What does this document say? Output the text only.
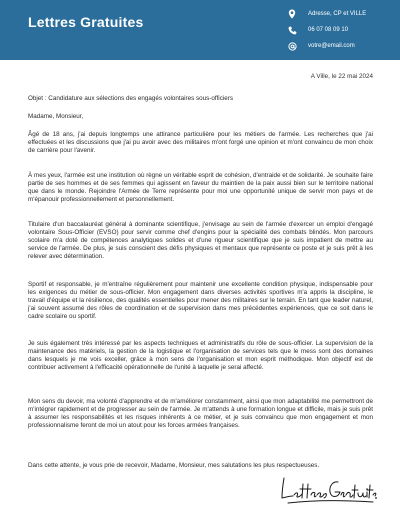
Lettres Gratuites	Adresse, CP et VILLE
06 07 08 09 10
votre@email.com
A Ville, le 22 mai 2024
Objet : Candidature aux sélections des engagés volontaires sous-officiers
Madame, Monsieur,

Âgé de 18 ans, j'ai depuis longtemps une attirance particulière pour les métiers de l'armée. Les recherches que j'ai effectuées et les discussions que j'ai pu avoir avec des militaires m'ont forgé une opinion et m'ont convaincu de mon choix de carrière pour l'avenir.

À mes yeux, l'armée est une institution où règne un véritable esprit de cohésion, d'entraide et de solidarité. Je souhaite faire partie de ses hommes et de ses femmes qui agissent en faveur du maintien de la paix aussi bien sur le territoire national que dans le monde. Rejoindre l'Armée de Terre représente pour moi une opportunité unique de servir mon pays et de m'épanouir professionnellement et personnellement.

Titulaire d'un baccalauréat général à dominante scientifique, j'envisage au sein de l'armée d'exercer un emploi d'engagé volontaire Sous-Officier (EVSO) pour servir comme chef d'engins pour la spécialité des combats blindés. Mon parcours scolaire m'a doté de compétences analytiques solides et d'une rigueur scientifique que je suis impatient de mettre au service de l'armée. De plus, je suis conscient des défis physiques et mentaux que représente ce poste et je suis prêt à les relever avec détermination.

Sportif et responsable, je m'entraîne régulièrement pour maintenir une excellente condition physique, indispensable pour les exigences du métier de sous-officier. Mon engagement dans diverses activités sportives m'a appris la discipline, le travail d'équipe et la résilience, des qualités essentielles pour mener des militaires sur le terrain. En tant que leader naturel, j'ai souvent assumé des rôles de coordination et de supervision dans mes précédentes expériences, que ce soit dans le cadre scolaire ou sportif.

Je suis également très intéressé par les aspects techniques et administratifs du rôle de sous-officier. La supervision de la maintenance des matériels, la gestion de la logistique et l'organisation de services tels que le mess sont des domaines dans lesquels je me vois exceller, grâce à mon sens de l'organisation et mon esprit méthodique. Mon objectif est de contribuer activement à l'efficacité opérationnelle de l'unité à laquelle je serai affecté.

Mon sens du devoir, ma volonté d'apprendre et de m'améliorer constamment, ainsi que mon adaptabilité me permettront de m'intégrer rapidement et de progresser au sein de l'armée. Je m'attends à une formation longue et difficile, mais je suis prêt à assumer les responsabilités et les risques inhérents à ce métier, et je suis convaincu que mon engagement et mon professionnalisme feront de moi un atout pour les forces armées françaises.

Dans cette attente, je vous prie de recevoir, Madame, Monsieur, mes salutations les plus respectueuses.
